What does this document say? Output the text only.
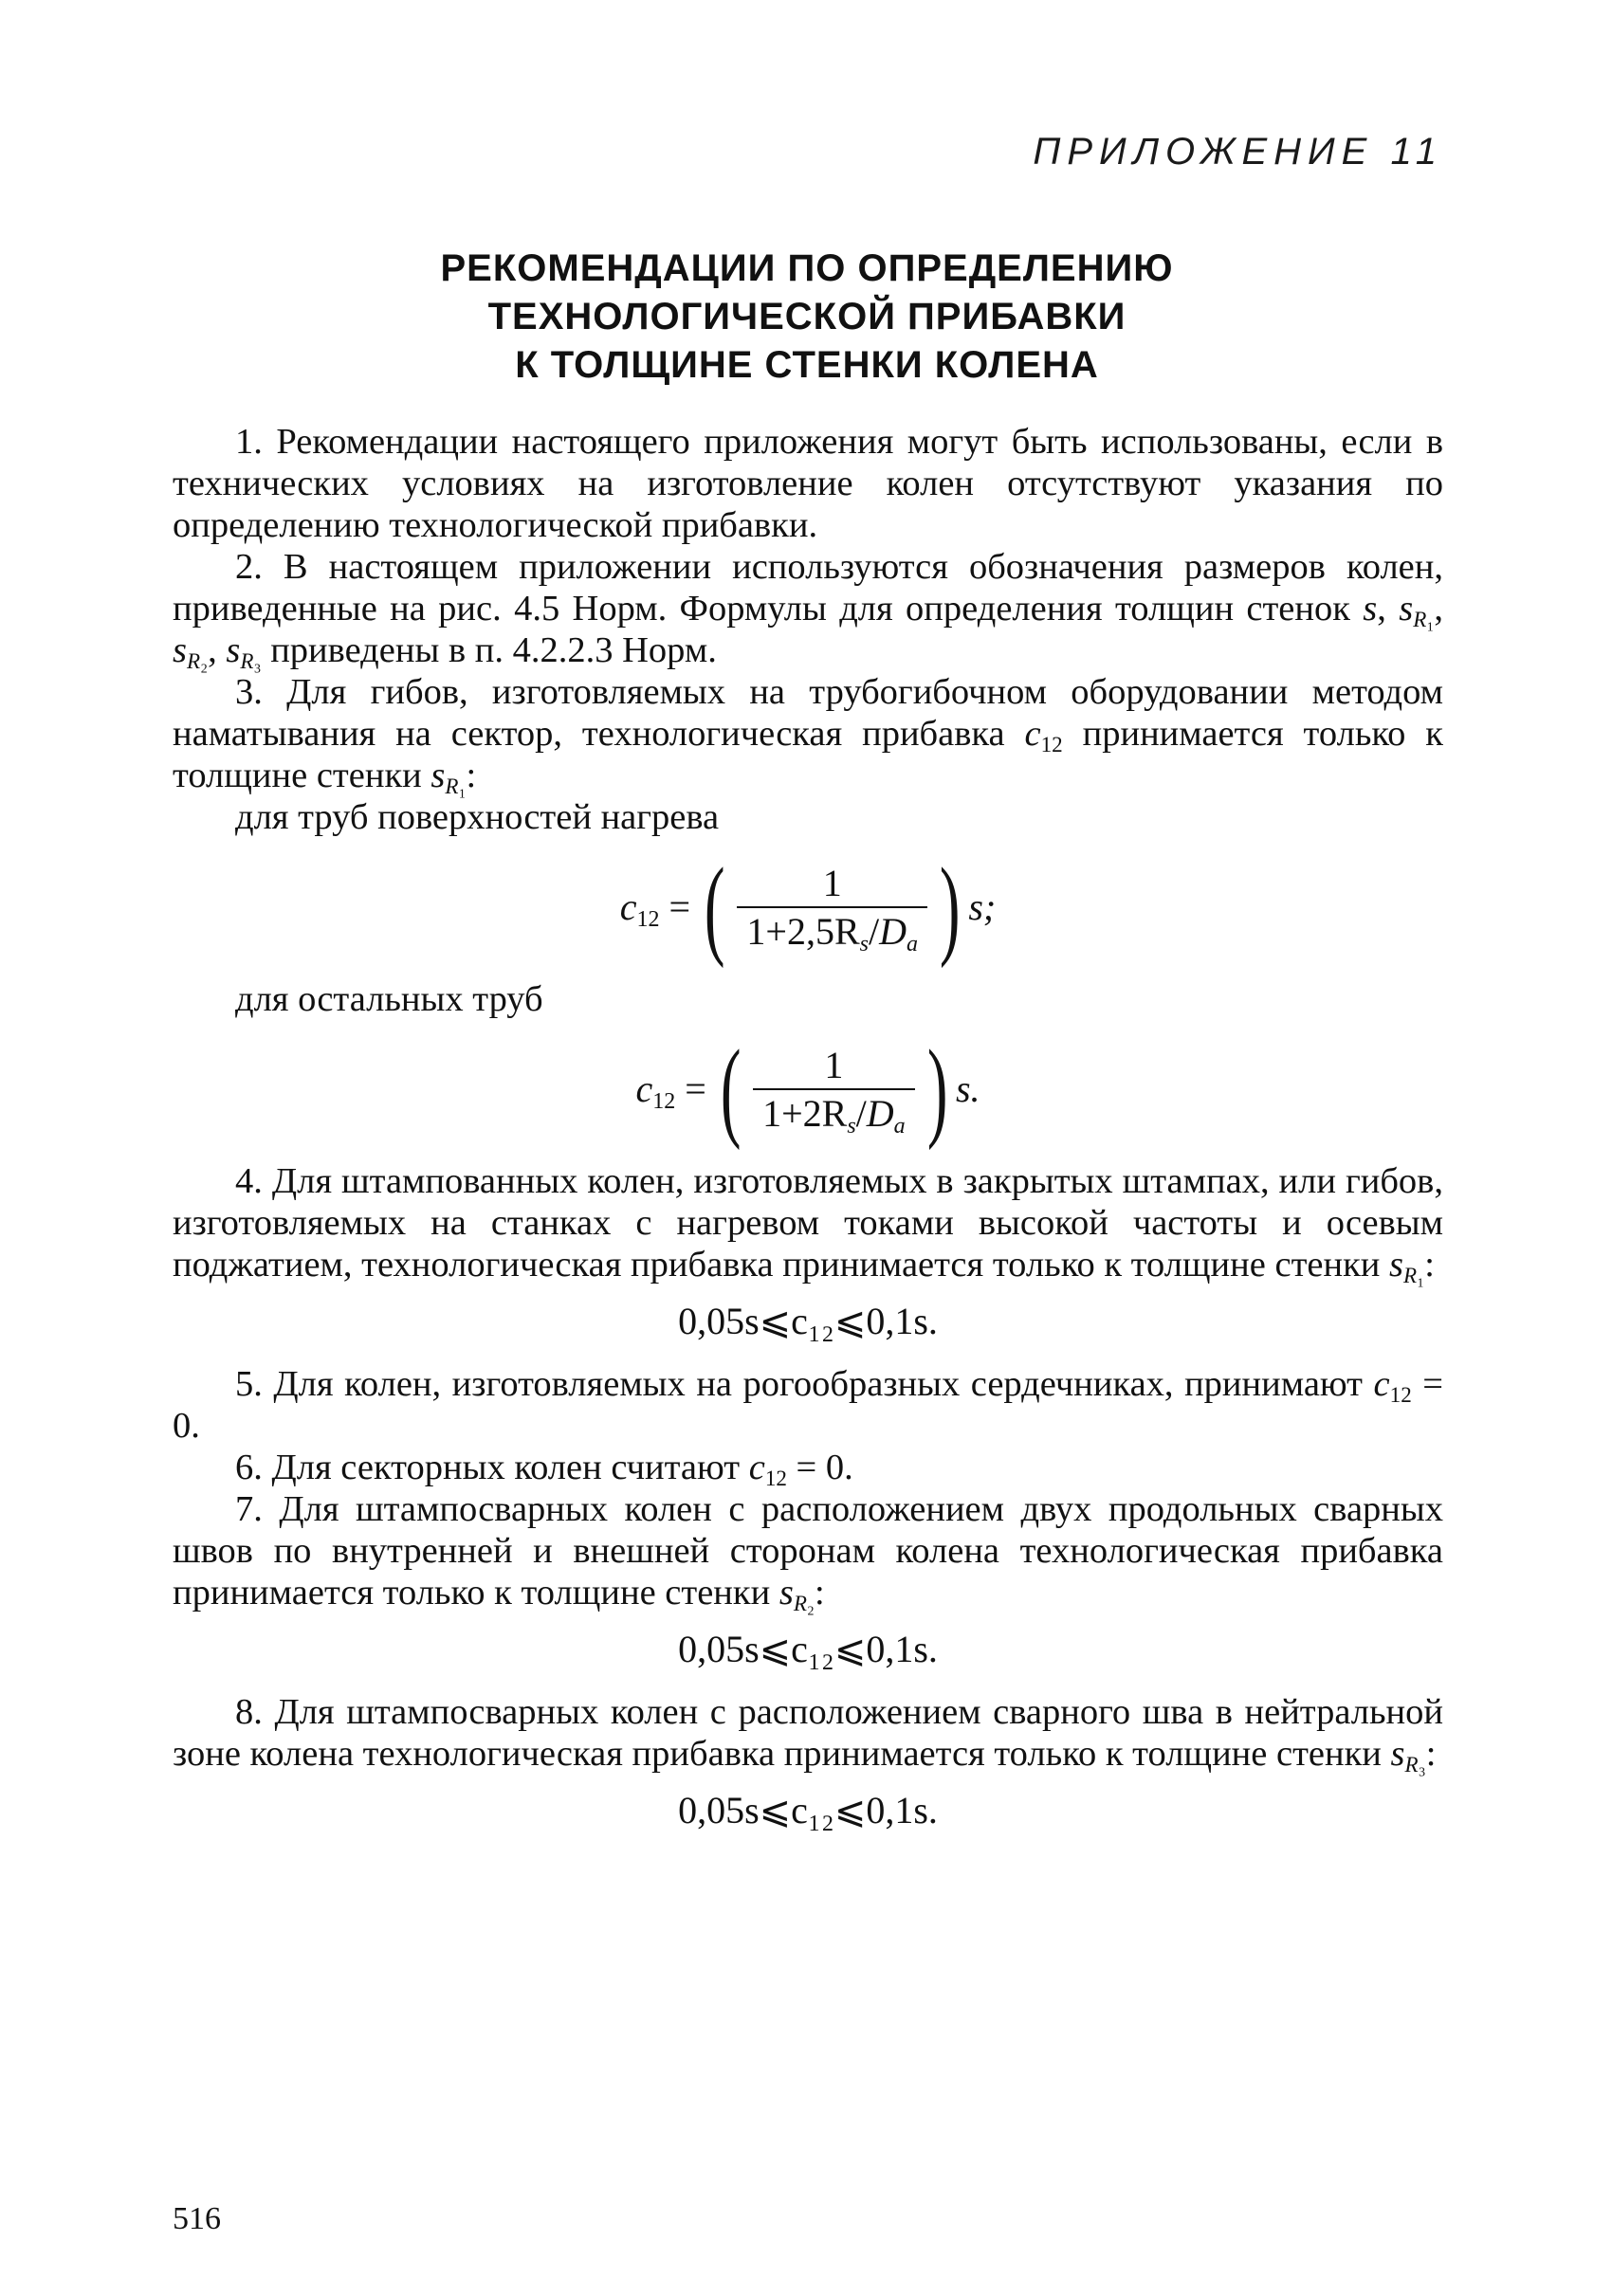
ПРИЛОЖЕНИЕ 11
РЕКОМЕНДАЦИИ ПО ОПРЕДЕЛЕНИЮ
ТЕХНОЛОГИЧЕСКОЙ ПРИБАВКИ
К ТОЛЩИНЕ СТЕНКИ КОЛЕНА

1. Рекомендации настоящего приложения могут быть использованы, если в технических условиях на изготовление колен отсутствуют указания по определению технологической прибавки.

2. В настоящем приложении используются обозначения размеров колен, приведенные на рис. 4.5 Норм. Формулы для определения толщин стенок s, $s_{R_1}$, $s_{R_2}$, $s_{R_3}$ приведены в п. 4.2.2.3 Норм.

3. Для гибов, изготовляемых на трубогибочном оборудовании методом наматывания на сектор, технологическая прибавка $c_{12}$ принимается только к толщине стенки $s_{R_1}$:

для труб поверхностей нагрева

$c_{12}$ = ( $\frac{1}{1+2,5R_s/D_a}$ ) s;

для остальных труб

$c_{12}$ = ( $\frac{1}{1+2R_s/D_a}$ ) s.

4. Для штампованных колен, изготовляемых в закрытых штампах, или гибов, изготовляемых на станках с нагревом токами высокой частоты и осевым поджатием, технологическая прибавка принимается только к толщине стенки $s_{R_1}$:

0,05s⩽c₁₂⩽0,1s.

5. Для колен, изготовляемых на рогообразных сердечниках, принимают $c_{12} = 0$.

6. Для секторных колен считают $c_{12} = 0$.

7. Для штампосварных колен с расположением двух продольных сварных швов по внутренней и внешней сторонам колена технологическая прибавка принимается только к толщине стенки $s_{R_2}$:

0,05s⩽c₁₂⩽0,1s.

8. Для штампосварных колен с расположением сварного шва в нейтральной зоне колена технологическая прибавка принимается только к толщине стенки $s_{R_3}$:

0,05s⩽c₁₂⩽0,1s.
516
